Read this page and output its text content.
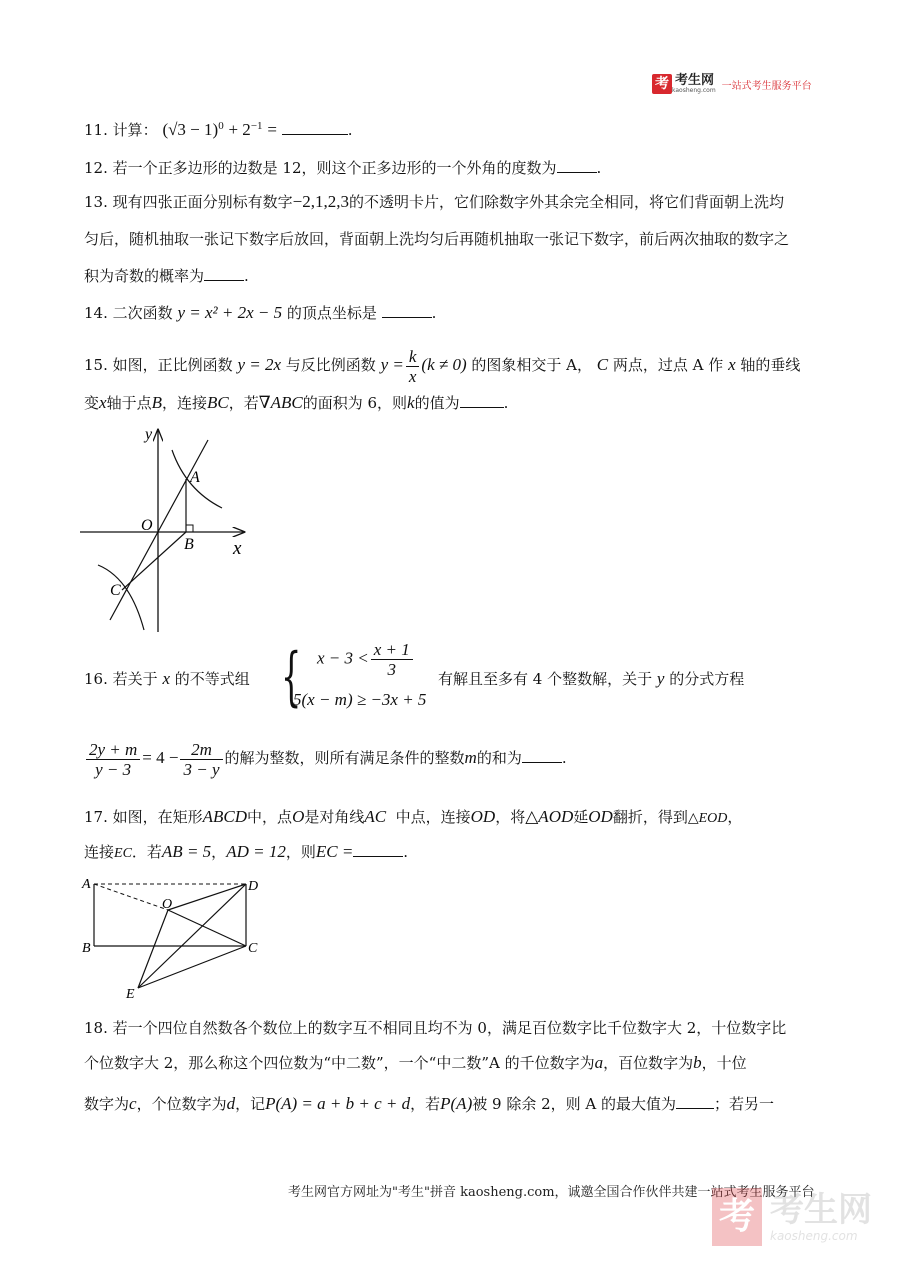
考 考生网
kaosheng.com 一站式考生服务平台
11. 计算： $(√3 - 1)^0 + 2^{-1}$ =	.
12. 若一个正多边形的边数是 12，则这个正多边形的一个外角的度数为	.
13. 现有四张正面分别标有数字−2,1,2,3的不透明卡片，它们除数字外其余完全相同，将它们背面朝上洗均
匀后，随机抽取一张记下数字后放回，背面朝上洗均匀后再随机抽取一张记下数字，前后两次抽取的数字之
积为奇数的概率为	.
14. 二次函数 y = x² + 2x − 5 的顶点坐标是	.
15. 如图，正比例函数 y = 2x 与反比例函数 $y = \frac{k}{x} (k \ne 0)$ 的图象相交于 A， C 两点，过点 A 作 x 轴的垂线
变x轴于点B，连接BC，若∇ABC的面积为 6，则k的值为	.
y
A
O
B x
C
16. 若关于 x 的不等式组 { $x - 3 < \frac{x + 1}{3}$
5(x − m) ≥ −3x + 5
有解且至多有 4 个整数解，关于 y 的分式方程
$\frac{2y + m}{y - 3} = 4 - \frac{2m}{3 - y}$ 的解为整数，则所有满足条件的整数m的和为	.
17. 如图，在矩形ABCD中，点O是对角线AC 中点，连接OD，将△AOD延OD翻折，得到△EOD，
连接EC．若AB = 5，AD = 12，则EC =	.
A	D
O
B	C
E
18. 若一个四位自然数各个数位上的数字互不相同且均不为 0，满足百位数字比千位数字大 2，十位数字比
个位数字大 2，那么称这个四位数为“中二数”，一个“中二数”A 的千位数字为a，百位数字为b，十位
数字为c，个位数字为d，记P(A) = a + b + c + d，若P(A)被 9 除余 2，则 A 的最大值为	；若另一
考生网官方网址为"考生"拼音 kaosheng.com，诚邀全国合作伙伴共建一站式考生服务平台
考 考生网
kaosheng.com
